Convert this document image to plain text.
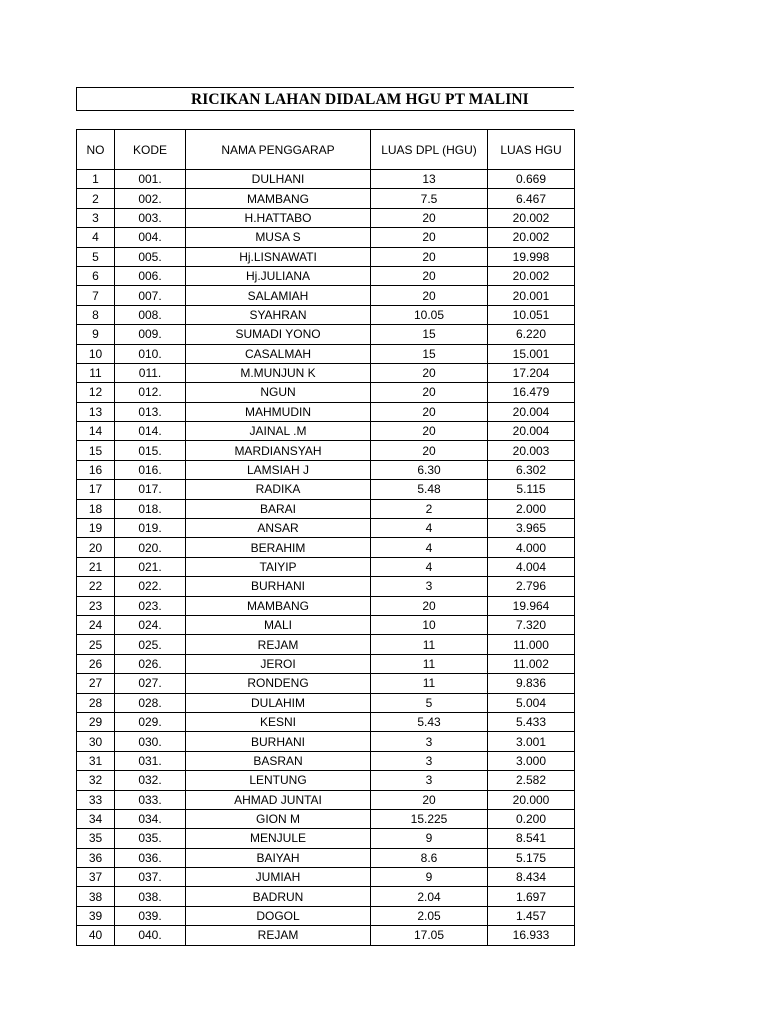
RICIKAN LAHAN DIDALAM HGU PT MALINI
NO	KODE	NAMA PENGGARAP	LUAS DPL (HGU)	LUAS HGU
1	001.	DULHANI	13	0.669
2	002.	MAMBANG	7.5	6.467
3	003.	H.HATTABO	20	20.002
4	004.	MUSA S	20	20.002
5	005.	Hj.LISNAWATI	20	19.998
6	006.	Hj.JULIANA	20	20.002
7	007.	SALAMIAH	20	20.001
8	008.	SYAHRAN	10.05	10.051
9	009.	SUMADI YONO	15	6.220
10	010.	CASALMAH	15	15.001
11	011.	M.MUNJUN K	20	17.204
12	012.	NGUN	20	16.479
13	013.	MAHMUDIN	20	20.004
14	014.	JAINAL .M	20	20.004
15	015.	MARDIANSYAH	20	20.003
16	016.	LAMSIAH J	6.30	6.302
17	017.	RADIKA	5.48	5.115
18	018.	BARAI	2	2.000
19	019.	ANSAR	4	3.965
20	020.	BERAHIM	4	4.000
21	021.	TAIYIP	4	4.004
22	022.	BURHANI	3	2.796
23	023.	MAMBANG	20	19.964
24	024.	MALI	10	7.320
25	025.	REJAM	11	11.000
26	026.	JEROI	11	11.002
27	027.	RONDENG	11	9.836
28	028.	DULAHIM	5	5.004
29	029.	KESNI	5.43	5.433
30	030.	BURHANI	3	3.001
31	031.	BASRAN	3	3.000
32	032.	LENTUNG	3	2.582
33	033.	AHMAD JUNTAI	20	20.000
34	034.	GION M	15.225	0.200
35	035.	MENJULE	9	8.541
36	036.	BAIYAH	8.6	5.175
37	037.	JUMIAH	9	8.434
38	038.	BADRUN	2.04	1.697
39	039.	DOGOL	2.05	1.457
40	040.	REJAM	17.05	16.933
